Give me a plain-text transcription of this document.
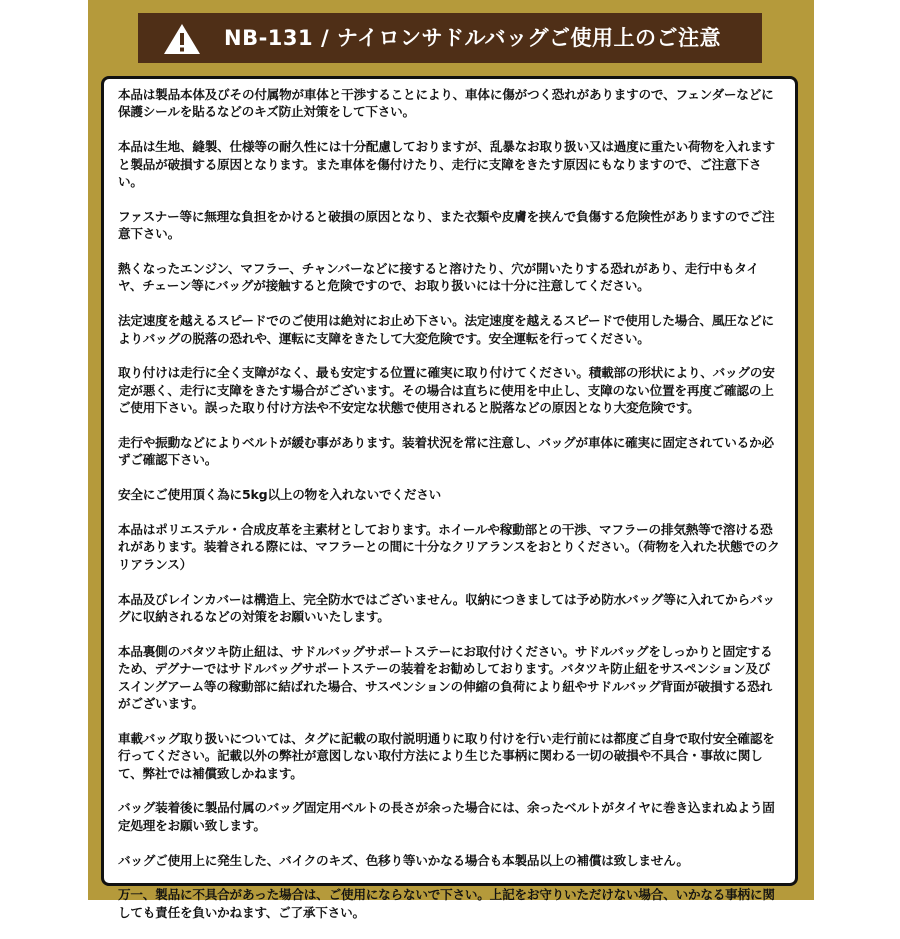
NB-131 / ナイロンサドルバッグご使用上のご注意
本品は製品本体及びその付属物が車体と干渉することにより、車体に傷がつく恐れがありますので、フェンダーなどに保護シールを貼るなどのキズ防止対策をして下さい。
本品は生地、縫製、仕様等の耐久性には十分配慮しておりますが、乱暴なお取り扱い又は過度に重たい荷物を入れますと製品が破損する原因となります。また車体を傷付けたり、走行に支障をきたす原因にもなりますので、ご注意下さい。
ファスナー等に無理な負担をかけると破損の原因となり、また衣類や皮膚を挟んで負傷する危険性がありますのでご注意下さい。
熱くなったエンジン、マフラー、チャンバーなどに接すると溶けたり、穴が開いたりする恐れがあり、走行中もタイヤ、チェーン等にバッグが接触すると危険ですので、お取り扱いには十分に注意してください。
法定速度を越えるスピードでのご使用は絶対にお止め下さい。法定速度を越えるスピードで使用した場合、風圧などによりバッグの脱落の恐れや、運転に支障をきたして大変危険です。安全運転を行ってください。
取り付けは走行に全く支障がなく、最も安定する位置に確実に取り付けてください。積載部の形状により、バッグの安定が悪く、走行に支障をきたす場合がございます。その場合は直ちに使用を中止し、支障のない位置を再度ご確認の上ご使用下さい。誤った取り付け方法や不安定な状態で使用されると脱落などの原因となり大変危険です。
走行や振動などによりベルトが緩む事があります。装着状況を常に注意し、バッグが車体に確実に固定されているか必ずご確認下さい。
安全にご使用頂く為に5kg以上の物を入れないでください
本品はポリエステル・合成皮革を主素材としております。ホイールや稼動部との干渉、マフラーの排気熱等で溶ける恐れがあります。装着される際には、マフラーとの間に十分なクリアランスをおとりください。（荷物を入れた状態でのクリアランス）
本品及びレインカバーは構造上、完全防水ではございません。収納につきましては予め防水バッグ等に入れてからバッグに収納されるなどの対策をお願いいたします。
本品裏側のバタツキ防止紐は、サドルバッグサポートステーにお取付けください。サドルバッグをしっかりと固定するため、デグナーではサドルバッグサポートステーの装着をお勧めしております。バタツキ防止紐をサスペンション及びスイングアーム等の稼動部に結ばれた場合、サスペンションの伸縮の負荷により紐やサドルバッグ背面が破損する恐れがございます。
車載バッグ取り扱いについては、タグに記載の取付説明通りに取り付けを行い走行前には都度ご自身で取付安全確認を行ってください。記載以外の弊社が意図しない取付方法により生じた事柄に関わる一切の破損や不具合・事故に関して、弊社では補償致しかねます。
バッグ装着後に製品付属のバッグ固定用ベルトの長さが余った場合には、余ったベルトがタイヤに巻き込まれぬよう固定処理をお願い致します。
バッグご使用上に発生した、バイクのキズ、色移り等いかなる場合も本製品以上の補償は致しません。
万一、製品に不具合があった場合は、ご使用にならないで下さい。上記をお守りいただけない場合、いかなる事柄に関しても責任を負いかねます、ご了承下さい。
